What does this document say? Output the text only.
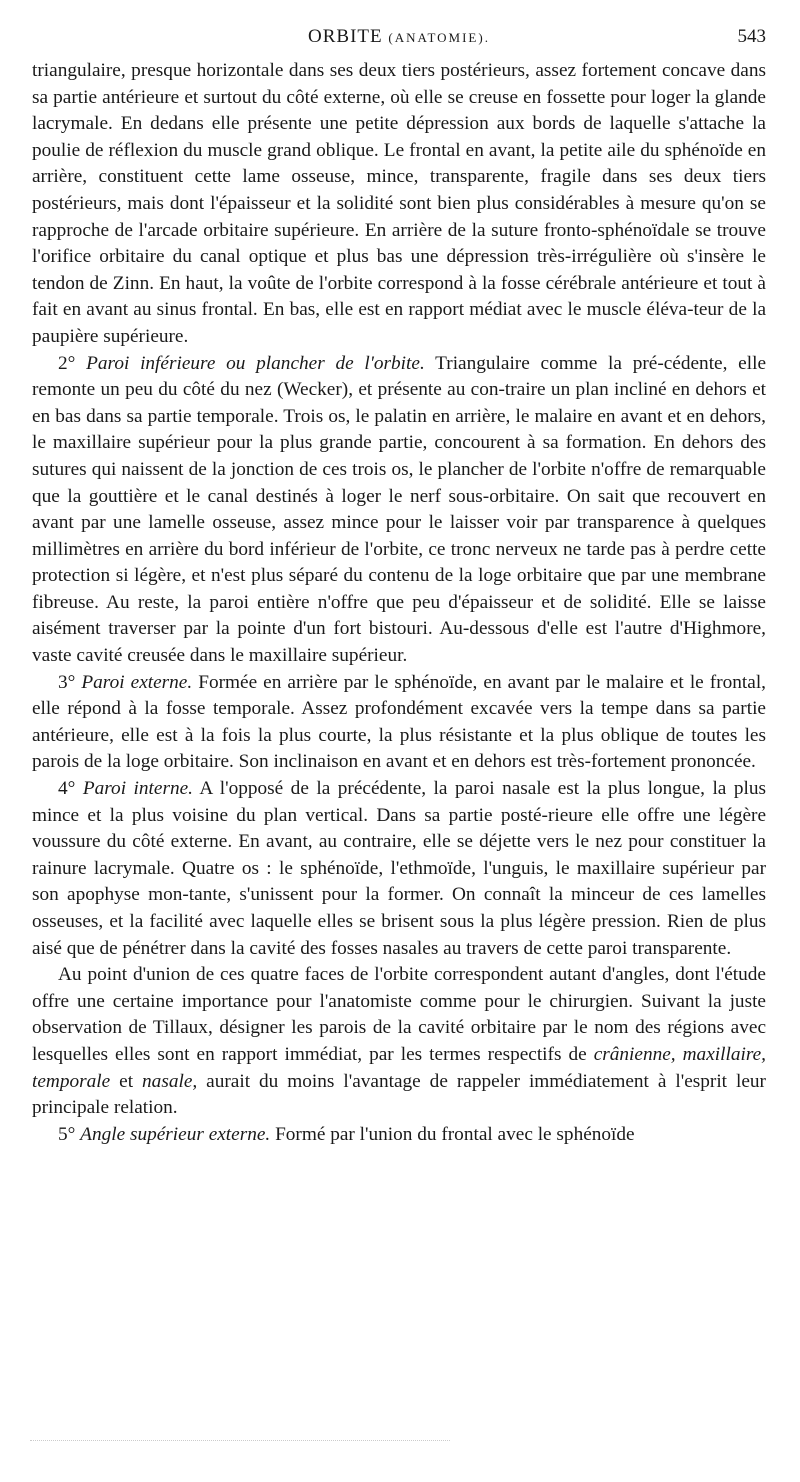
ORBITE (ANATOMIE).	543

triangulaire, presque horizontale dans ses deux tiers postérieurs, assez fortement concave dans sa partie antérieure et surtout du côté externe, où elle se creuse en fossette pour loger la glande lacrymale. En dedans elle présente une petite dépression aux bords de laquelle s'attache la poulie de réflexion du muscle grand oblique. Le frontal en avant, la petite aile du sphénoïde en arrière, constituent cette lame osseuse, mince, transparente, fragile dans ses deux tiers postérieurs, mais dont l'épaisseur et la solidité sont bien plus considérables à mesure qu'on se rapproche de l'arcade orbitaire supérieure. En arrière de la suture fronto-sphénoïdale se trouve l'orifice orbitaire du canal optique et plus bas une dépression très-irrégulière où s'insère le tendon de Zinn. En haut, la voûte de l'orbite correspond à la fosse cérébrale antérieure et tout à fait en avant au sinus frontal. En bas, elle est en rapport médiat avec le muscle éléva-teur de la paupière supérieure.

2° Paroi inférieure ou plancher de l'orbite. Triangulaire comme la pré-cédente, elle remonte un peu du côté du nez (Wecker), et présente au con-traire un plan incliné en dehors et en bas dans sa partie temporale. Trois os, le palatin en arrière, le malaire en avant et en dehors, le maxillaire supérieur pour la plus grande partie, concourent à sa formation. En dehors des sutures qui naissent de la jonction de ces trois os, le plancher de l'orbite n'offre de remarquable que la gouttière et le canal destinés à loger le nerf sous-orbitaire. On sait que recouvert en avant par une lamelle osseuse, assez mince pour le laisser voir par transparence à quelques millimètres en arrière du bord inférieur de l'orbite, ce tronc nerveux ne tarde pas à perdre cette protection si légère, et n'est plus séparé du contenu de la loge orbitaire que par une membrane fibreuse. Au reste, la paroi entière n'offre que peu d'épaisseur et de solidité. Elle se laisse aisément traverser par la pointe d'un fort bistouri. Au-dessous d'elle est l'autre d'Highmore, vaste cavité creusée dans le maxillaire supérieur.

3° Paroi externe. Formée en arrière par le sphénoïde, en avant par le malaire et le frontal, elle répond à la fosse temporale. Assez profondément excavée vers la tempe dans sa partie antérieure, elle est à la fois la plus courte, la plus résistante et la plus oblique de toutes les parois de la loge orbitaire. Son inclinaison en avant et en dehors est très-fortement prononcée.

4° Paroi interne. A l'opposé de la précédente, la paroi nasale est la plus longue, la plus mince et la plus voisine du plan vertical. Dans sa partie posté-rieure elle offre une légère voussure du côté externe. En avant, au contraire, elle se déjette vers le nez pour constituer la rainure lacrymale. Quatre os : le sphénoïde, l'ethmoïde, l'unguis, le maxillaire supérieur par son apophyse mon-tante, s'unissent pour la former. On connaît la minceur de ces lamelles osseuses, et la facilité avec laquelle elles se brisent sous la plus légère pression. Rien de plus aisé que de pénétrer dans la cavité des fosses nasales au travers de cette paroi transparente.

Au point d'union de ces quatre faces de l'orbite correspondent autant d'angles, dont l'étude offre une certaine importance pour l'anatomiste comme pour le chirurgien. Suivant la juste observation de Tillaux, désigner les parois de la cavité orbitaire par le nom des régions avec lesquelles elles sont en rapport immédiat, par les termes respectifs de crânienne, maxillaire, temporale et nasale, aurait du moins l'avantage de rappeler immédiatement à l'esprit leur principale relation.

5° Angle supérieur externe. Formé par l'union du frontal avec le sphénoïde
